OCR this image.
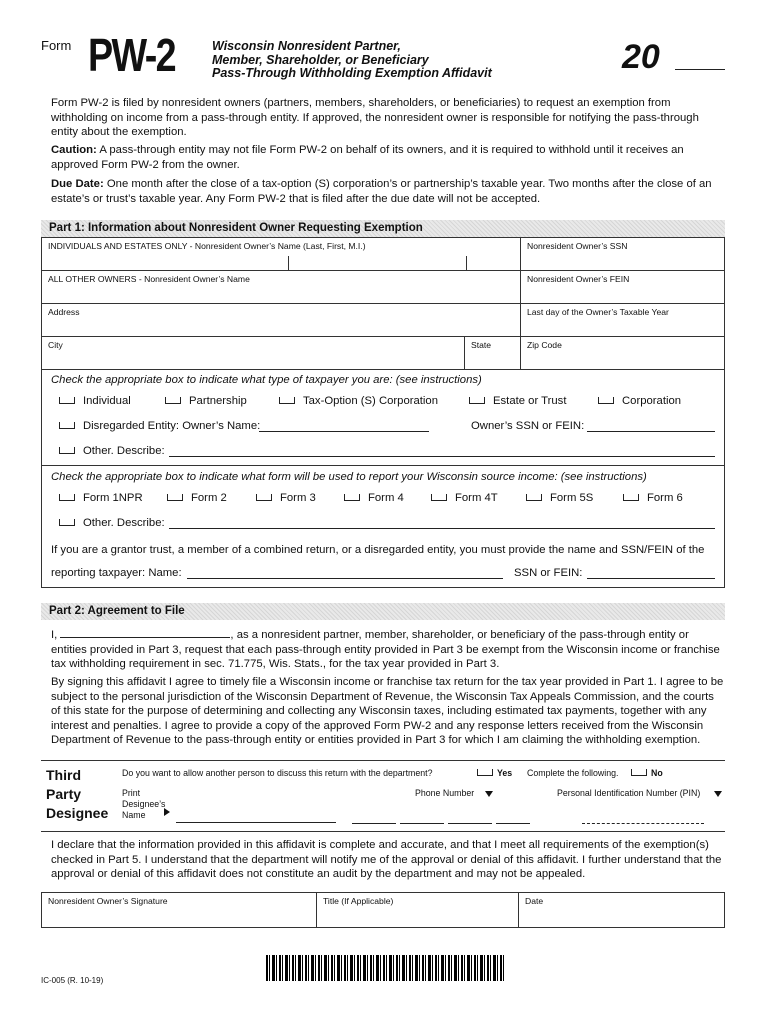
Form PW-2	Wisconsin Nonresident Partner,
Member, Shareholder, or Beneficiary
Pass-Through Withholding Exemption Affidavit	20
Form PW-2 is filed by nonresident owners (partners, members, shareholders, or beneficiaries) to request an exemption from withholding on income from a pass-through entity. If approved, the nonresident owner is responsible for notifying the pass-through entity about the exemption.
Caution: A pass-through entity may not file Form PW-2 on behalf of its owners, and it is required to withhold until it receives an approved Form PW-2 from the owner.
Due Date: One month after the close of a tax-option (S) corporation’s or partnership’s taxable year. Two months after the close of an estate’s or trust’s taxable year. Any Form PW-2 that is filed after the due date will not be accepted.
Part 1: Information about Nonresident Owner Requesting Exemption
INDIVIDUALS AND ESTATES ONLY - Nonresident Owner’s Name (Last, First, M.I.)	Nonresident Owner’s SSN
ALL OTHER OWNERS - Nonresident Owner’s Name	Nonresident Owner’s FEIN
Address	Last day of the Owner’s Taxable Year
City	State	Zip Code
Check the appropriate box to indicate what type of taxpayer you are: (see instructions)
Individual	Partnership	Tax-Option (S) Corporation	Estate or Trust	Corporation
Disregarded Entity: Owner’s Name:	Owner’s SSN or FEIN:
Other. Describe:
Check the appropriate box to indicate what form will be used to report your Wisconsin source income: (see instructions)
Form 1NPR	Form 2	Form 3	Form 4	Form 4T	Form 5S	Form 6
Other. Describe:
If you are a grantor trust, a member of a combined return, or a disregarded entity, you must provide the name and SSN/FEIN of the
reporting taxpayer: Name:	SSN or FEIN:
Part 2: Agreement to File
I,	, as a nonresident partner, member, shareholder, or beneficiary of the pass-through entity or entities provided in Part 3, request that each pass-through entity provided in Part 3 be exempt from the Wisconsin income or franchise tax withholding requirement in sec. 71.775, Wis. Stats., for the tax year provided in Part 3.
By signing this affidavit I agree to timely file a Wisconsin income or franchise tax return for the tax year provided in Part 1. I agree to be subject to the personal jurisdiction of the Wisconsin Department of Revenue, the Wisconsin Tax Appeals Commission, and the courts of this state for the purpose of determining and collecting any Wisconsin taxes, including estimated tax payments, together with any interest and penalties. I agree to provide a copy of the approved Form PW-2 and any response letters received from the Wisconsin Department of Revenue to the pass-through entity or entities provided in Part 3 for which I am claiming the withholding exemption.
Third
Party
Designee
Do you want to allow another person to discuss this return with the department?	Yes Complete the following.	No
Print
Designee’s
Name
Phone Number
	Personal Identification Number (PIN)
I declare that the information provided in this affidavit is complete and accurate, and that I meet all requirements of the exemption(s) checked in Part 5. I understand that the department will notify me of the approval or denial of this affidavit. I further understand that the approval or denial of this affidavit does not constitute an audit by the department and may not be appealed.
Nonresident Owner’s Signature	Title (If Applicable)	Date
IC-005 (R. 10-19)
